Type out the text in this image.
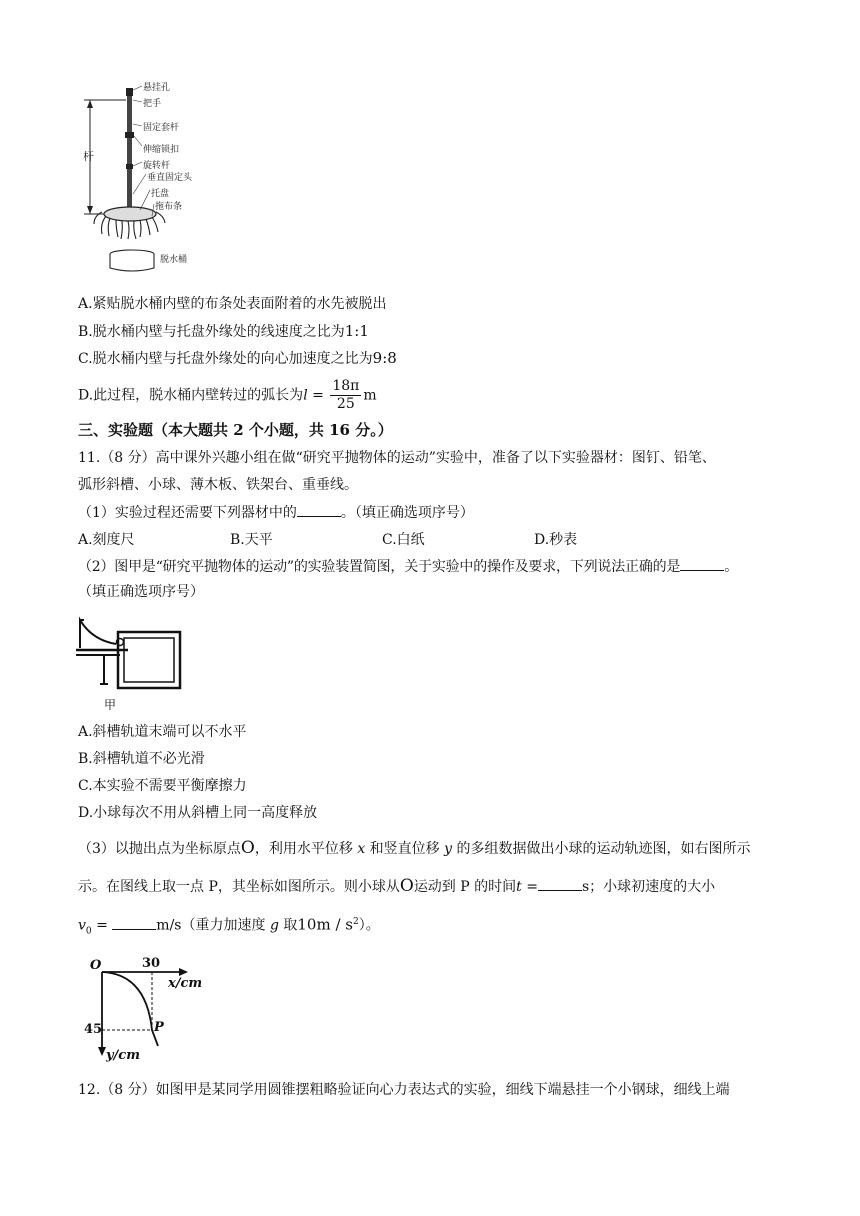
悬挂孔
把手
固定套杆
伸缩锁扣
旋转杆
垂直固定头
托盘
拖布条
杆
脱水桶
A.紧贴脱水桶内壁的布条处表面附着的水先被脱出
B.脱水桶内壁与托盘外缘处的线速度之比为1:1
C.脱水桶内壁与托盘外缘处的向心加速度之比为9:8
D.此过程，脱水桶内壁转过的弧长为$l = \frac{18\pi}{25}$ m
三、实验题（本大题共 2 个小题，共 16 分。）
11.（8 分）高中课外兴趣小组在做“研究平抛物体的运动”实验中，准备了以下实验器材：图钉、铅笔、
弧形斜槽、小球、薄木板、铁架台、重垂线。
（1）实验过程还需要下列器材中的	。（填正确选项序号）
A.刻度尺	B.天平	C.白纸	D.秒表
（2）图甲是“研究平抛物体的运动”的实验装置简图，关于实验中的操作及要求，下列说法正确的是	。
（填正确选项序号）
甲
A.斜槽轨道末端可以不水平
B.斜槽轨道不必光滑
C.本实验不需要平衡摩擦力
D.小球每次不用从斜槽上同一高度释放
（3）以抛出点为坐标原点O，利用水平位移 x 和竖直位移 y 的多组数据做出小球的运动轨迹图，如右图所示
示。在图线上取一点 P，其坐标如图所示。则小球从O运动到 P 的时间t =	s；小球初速度的大小
$v_0$ =	m/s（重力加速度 g 取$10m / s^2$）。
O	30
x/cm
45
y/cm
P
12.（8 分）如图甲是某同学用圆锥摆粗略验证向心力表达式的实验，细线下端悬挂一个小钢球，细线上端
